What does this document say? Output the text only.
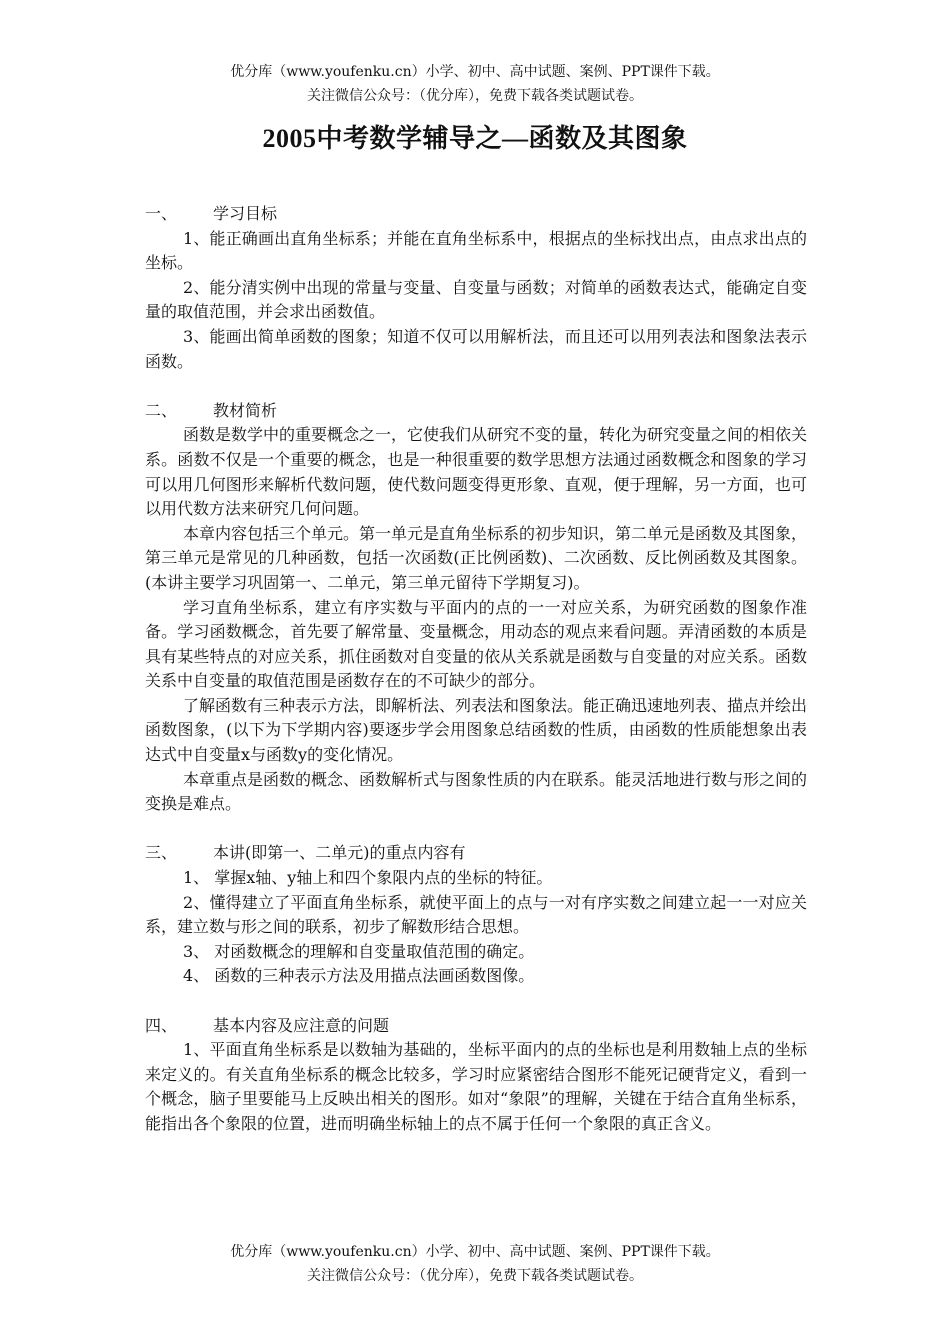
优分库（www.youfenku.cn）小学、初中、高中试题、案例、PPT课件下载。
关注微信公众号：（优分库），免费下载各类试题试卷。
2005中考数学辅导之—函数及其图象

一、 学习目标

1、能正确画出直角坐标系；并能在直角坐标系中，根据点的坐标找出点，由点求出点的坐标。

2、能分清实例中出现的常量与变量、自变量与函数；对简单的函数表达式，能确定自变量的取值范围，并会求出函数值。

3、能画出简单函数的图象；知道不仅可以用解析法，而且还可以用列表法和图象法表示函数。

二、 教材简析

函数是数学中的重要概念之一，它使我们从研究不变的量，转化为研究变量之间的相依关系。函数不仅是一个重要的概念，也是一种很重要的数学思想方法通过函数概念和图象的学习可以用几何图形来解析代数问题，使代数问题变得更形象、直观，便于理解，另一方面，也可以用代数方法来研究几何问题。

本章内容包括三个单元。第一单元是直角坐标系的初步知识，第二单元是函数及其图象，第三单元是常见的几种函数，包括一次函数(正比例函数)、二次函数、反比例函数及其图象。(本讲主要学习巩固第一、二单元，第三单元留待下学期复习)。

学习直角坐标系，建立有序实数与平面内的点的一一对应关系，为研究函数的图象作准备。学习函数概念，首先要了解常量、变量概念，用动态的观点来看问题。弄清函数的本质是具有某些特点的对应关系，抓住函数对自变量的依从关系就是函数与自变量的对应关系。函数关系中自变量的取值范围是函数存在的不可缺少的部分。

了解函数有三种表示方法，即解析法、列表法和图象法。能正确迅速地列表、描点并绘出函数图象，(以下为下学期内容)要逐步学会用图象总结函数的性质，由函数的性质能想象出表达式中自变量x与函数y的变化情况。

本章重点是函数的概念、函数解析式与图象性质的内在联系。能灵活地进行数与形之间的变换是难点。

三、 本讲(即第一、二单元)的重点内容有

1、 掌握x轴、y轴上和四个象限内点的坐标的特征。

2、懂得建立了平面直角坐标系，就使平面上的点与一对有序实数之间建立起一一对应关系，建立数与形之间的联系，初步了解数形结合思想。

3、 对函数概念的理解和自变量取值范围的确定。

4、 函数的三种表示方法及用描点法画函数图像。

四、 基本内容及应注意的问题

1、平面直角坐标系是以数轴为基础的，坐标平面内的点的坐标也是利用数轴上点的坐标来定义的。有关直角坐标系的概念比较多，学习时应紧密结合图形不能死记硬背定义，看到一个概念，脑子里要能马上反映出相关的图形。如对“象限”的理解，关键在于结合直角坐标系，能指出各个象限的位置，进而明确坐标轴上的点不属于任何一个象限的真正含义。

优分库（www.youfenku.cn）小学、初中、高中试题、案例、PPT课件下载。
关注微信公众号：（优分库），免费下载各类试题试卷。
